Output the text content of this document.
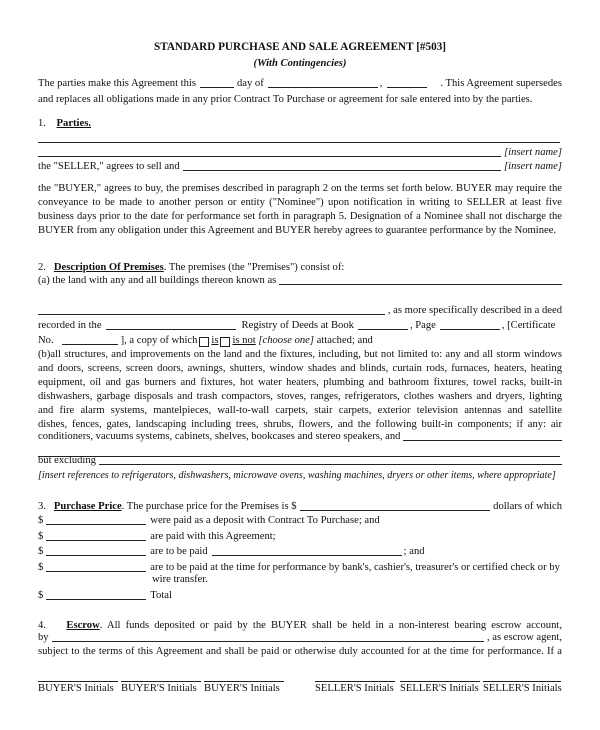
STANDARD PURCHASE AND SALE AGREEMENT [#503]
(With Contingencies)
The parties make this Agreement this	day of	,	. This Agreement supersedes
and replaces all obligations made in any prior Contract To Purchase or agreement for sale entered into by the parties.
1. Parties.
[insert name]
the "SELLER," agrees to sell and	[insert name]
the "BUYER," agrees to buy, the premises described in paragraph 2 on the terms set forth below. BUYER may require the
conveyance to be made to another person or entity ("Nominee") upon notification in writing to SELLER at least five
business days prior to the date for performance set forth in paragraph 5. Designation of a Nominee shall not discharge the
BUYER from any obligation under this Agreement and BUYER hereby agrees to guarantee performance by the Nominee.
2. Description Of Premises. The premises (the "Premises") consist of:
(a) the land with any and all buildings thereon known as
, as more specifically described in a deed
recorded in the	Registry of Deeds at Book	, Page	, [Certificate
No.	], a copy of which is is not
[choose one]
attached; and
(b)all structures, and improvements on the land and the fixtures, including, but not limited to: any and all storm windows
and doors, screens, screen doors, awnings, shutters, window shades and blinds, curtain rods, furnaces, heaters, heating
equipment, oil and gas burners and fixtures, hot water heaters, plumbing and bathroom fixtures, towel racks, built-in
dishwashers, garbage disposals and trash compactors, stoves, ranges, refrigerators, clothes washers and dryers, lighting
and fire alarm systems, mantelpieces, wall-to-wall carpets, stair carpets, exterior television antennas and satellite
dishes, fences, gates, landscaping including trees, shrubs, flowers, and the following built-in components; if any: air
conditioners, vacuums systems, cabinets, shelves, bookcases and stereo speakers, and
but excluding
[insert references to refrigerators, dishwashers, microwave ovens, washing machines, dryers or other items, where appropriate]
3.
Purchase Price . The purchase price for the Premises is $	dollars of which
$	were paid as a deposit with Contract To Purchase; and
$	are paid with this Agreement;
$	are to be paid	; and
$	are to be paid at the time for performance by bank's, cashier's, treasurer's or certified check or by
wire transfer.
$	Total
4. Escrow. All funds deposited or paid by the BUYER shall be held in a non-interest bearing escrow account,
by	, as escrow agent,
subject to the terms of this Agreement and shall be paid or otherwise duly accounted for at the time for performance. If a
BUYER'S Initials BUYER'S Initials BUYER'S Initials	SELLER'S Initials SELLER'S Initials SELLER'S Initials
